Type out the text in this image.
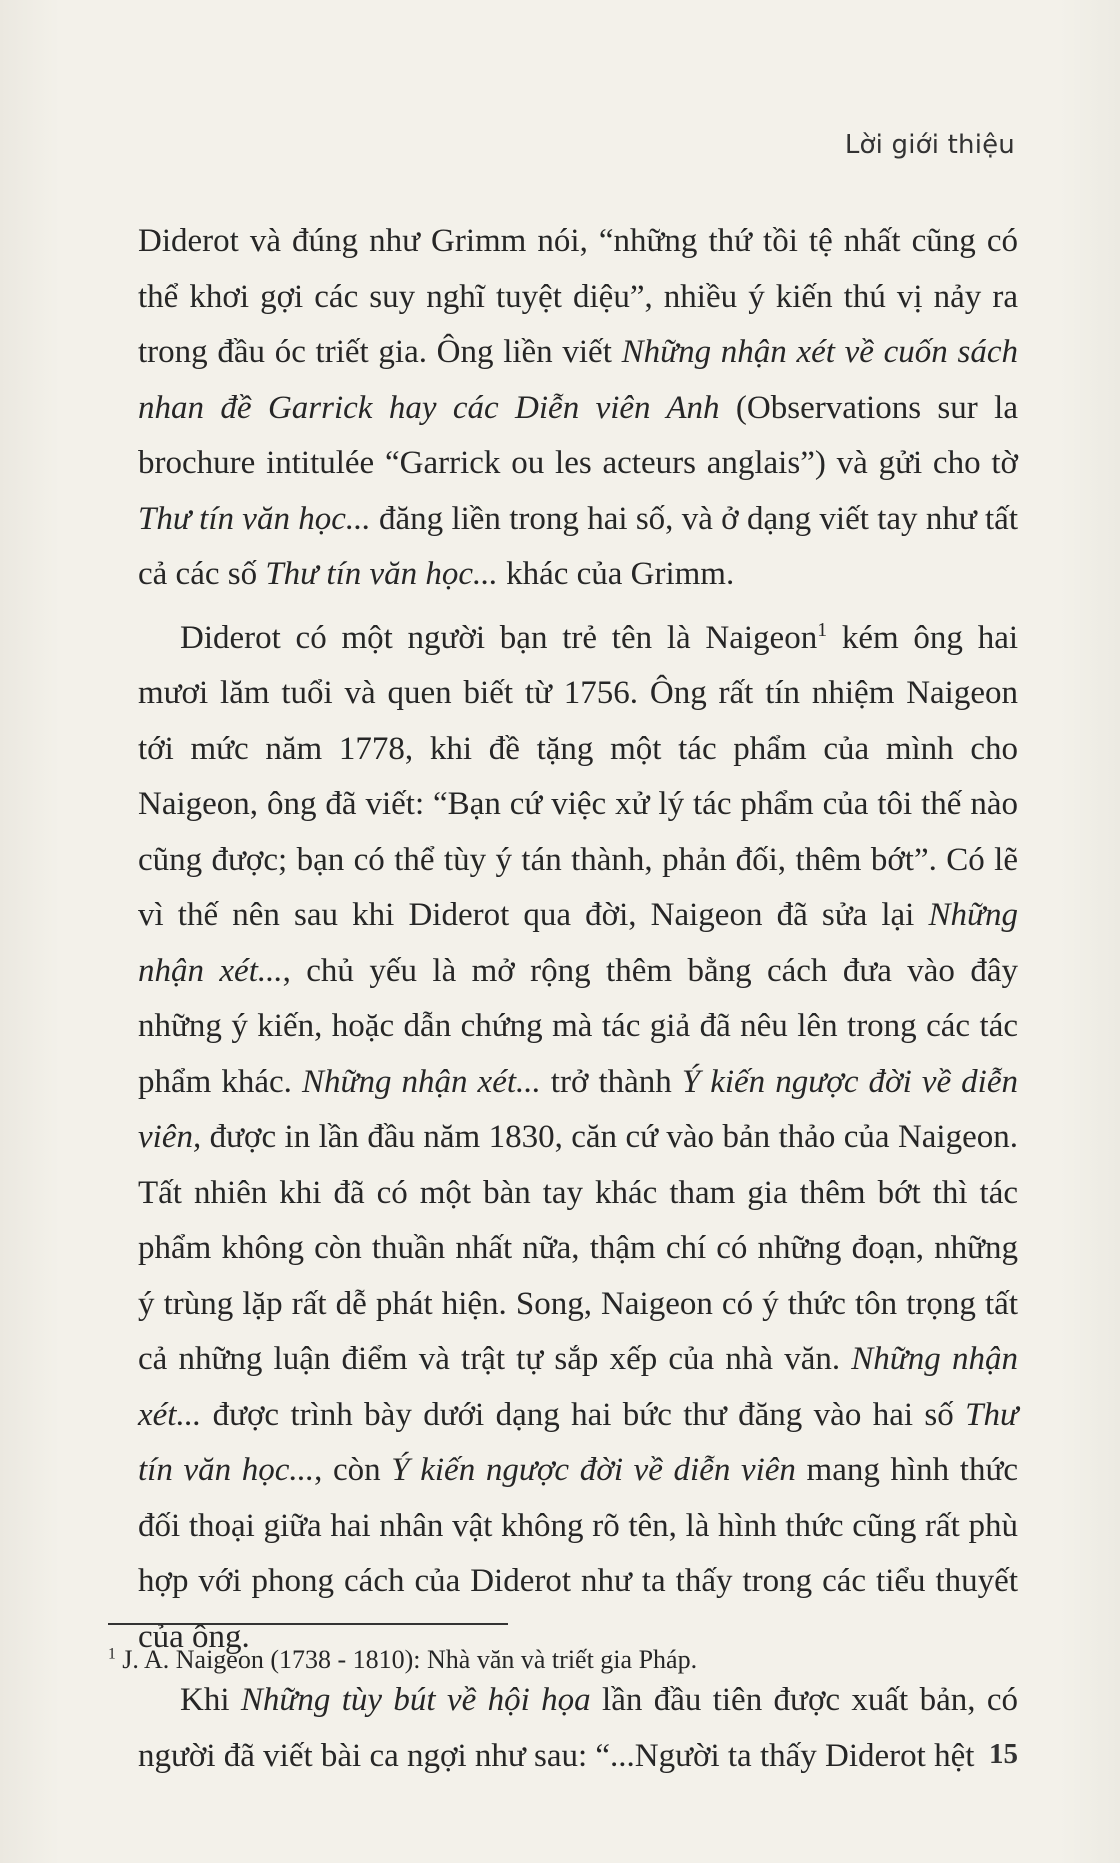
Lời giới thiệu

Diderot và đúng như Grimm nói, “những thứ tồi tệ nhất cũng có thể khơi gợi các suy nghĩ tuyệt diệu”, nhiều ý kiến thú vị nảy ra trong đầu óc triết gia. Ông liền viết Những nhận xét về cuốn sách nhan đề Garrick hay các Diễn viên Anh (Observations sur la brochure intitulée “Garrick ou les acteurs anglais”) và gửi cho tờ Thư tín văn học... đăng liền trong hai số, và ở dạng viết tay như tất cả các số Thư tín văn học... khác của Grimm.

Diderot có một người bạn trẻ tên là Naigeon$^1$ kém ông hai mươi lăm tuổi và quen biết từ 1756. Ông rất tín nhiệm Naigeon tới mức năm 1778, khi đề tặng một tác phẩm của mình cho Naigeon, ông đã viết: “Bạn cứ việc xử lý tác phẩm của tôi thế nào cũng được; bạn có thể tùy ý tán thành, phản đối, thêm bớt”. Có lẽ vì thế nên sau khi Diderot qua đời, Naigeon đã sửa lại Những nhận xét..., chủ yếu là mở rộng thêm bằng cách đưa vào đây những ý kiến, hoặc dẫn chứng mà tác giả đã nêu lên trong các tác phẩm khác. Những nhận xét... trở thành Ý kiến ngược đời về diễn viên, được in lần đầu năm 1830, căn cứ vào bản thảo của Naigeon. Tất nhiên khi đã có một bàn tay khác tham gia thêm bớt thì tác phẩm không còn thuần nhất nữa, thậm chí có những đoạn, những ý trùng lặp rất dễ phát hiện. Song, Naigeon có ý thức tôn trọng tất cả những luận điểm và trật tự sắp xếp của nhà văn. Những nhận xét... được trình bày dưới dạng hai bức thư đăng vào hai số Thư tín văn học..., còn Ý kiến ngược đời về diễn viên mang hình thức đối thoại giữa hai nhân vật không rõ tên, là hình thức cũng rất phù hợp với phong cách của Diderot như ta thấy trong các tiểu thuyết của ông.

Khi Những tùy bút về hội họa lần đầu tiên được xuất bản, có người đã viết bài ca ngợi như sau: “...Người ta thấy Diderot hệt

$^1$ J. A. Naigeon (1738 - 1810): Nhà văn và triết gia Pháp.
15
